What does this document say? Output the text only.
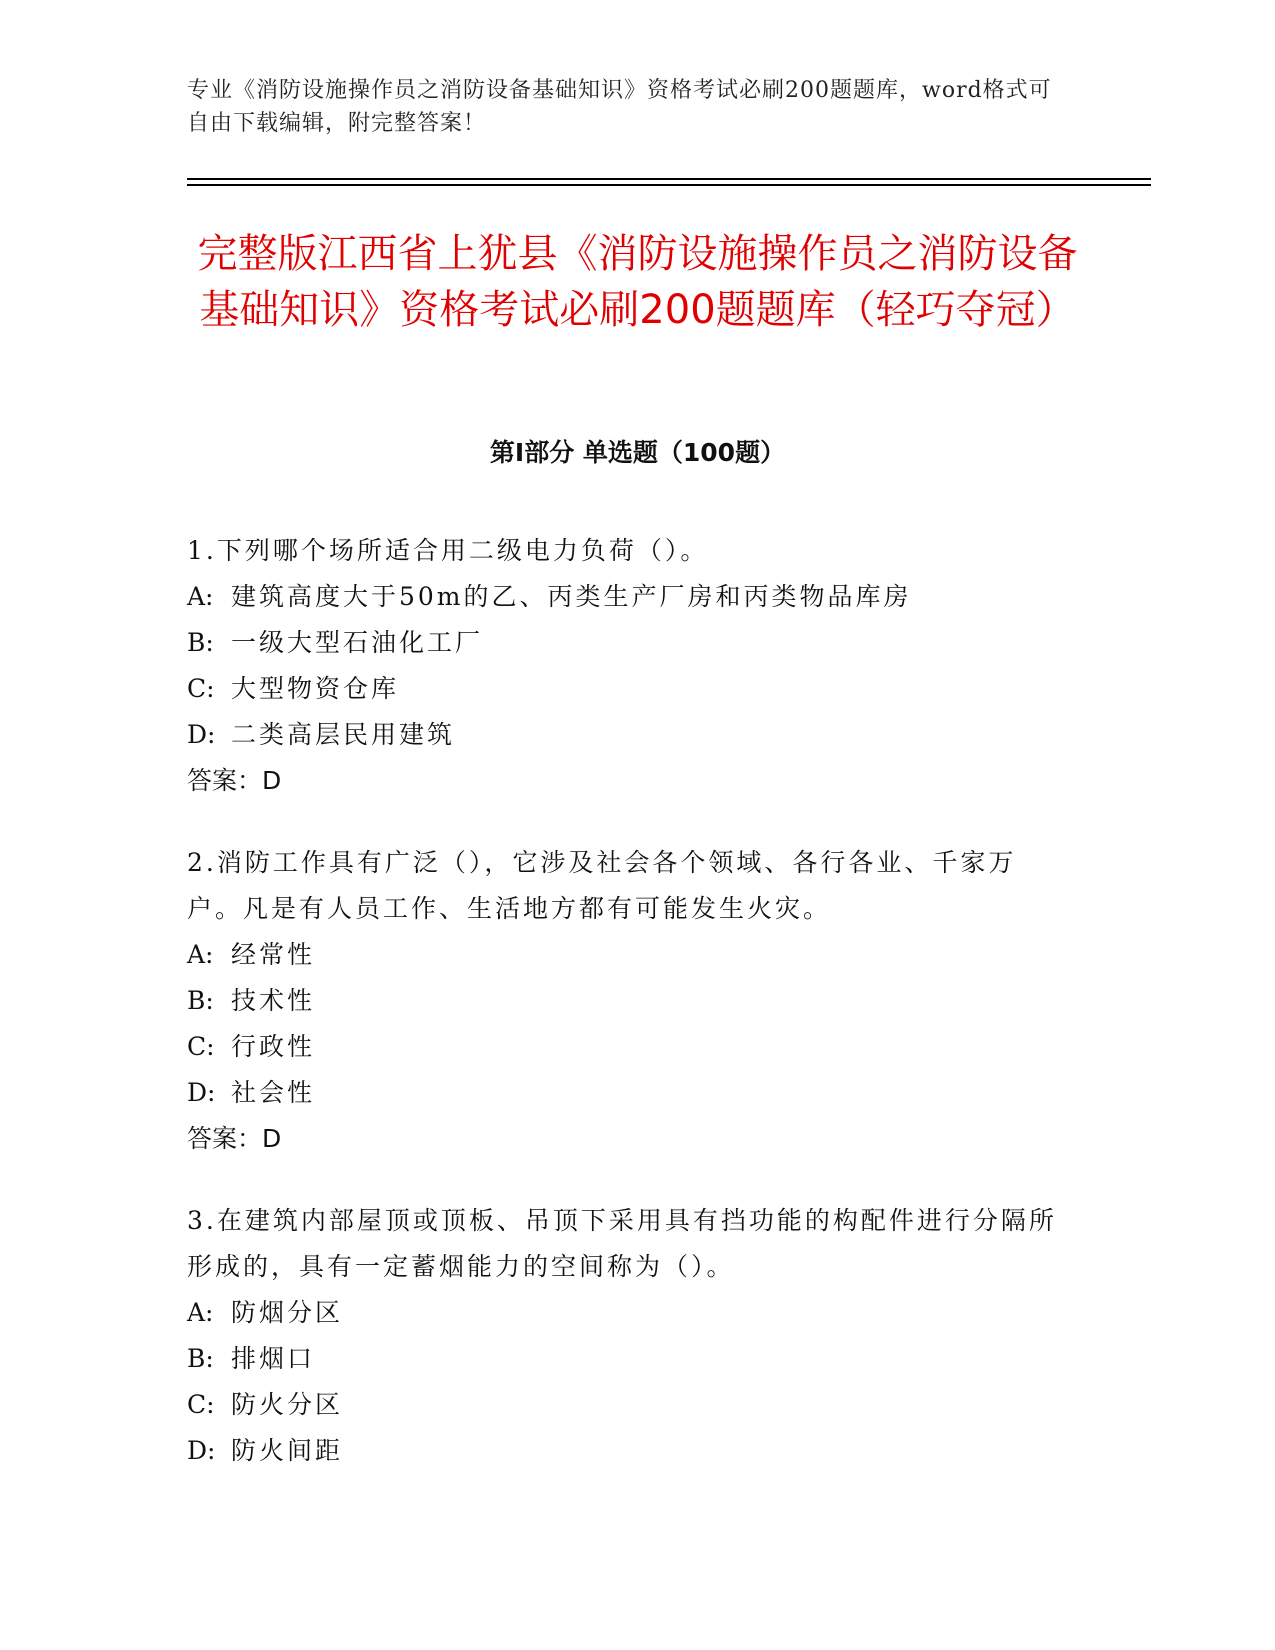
专业《消防设施操作员之消防设备基础知识》资格考试必刷200题题库，word格式可自由下载编辑，附完整答案！
完整版江西省上犹县《消防设施操作员之消防设备基础知识》资格考试必刷200题题库（轻巧夺冠）
第Ⅰ部分 单选题（100题）

1.下列哪个场所适合用二级电力负荷（）。

A: 建筑高度大于50m的乙、丙类生产厂房和丙类物品库房

B: 一级大型石油化工厂

C: 大型物资仓库

D: 二类高层民用建筑

答案：D

2.消防工作具有广泛（），它涉及社会各个领域、各行各业、千家万户。凡是有人员工作、生活地方都有可能发生火灾。

A: 经常性

B: 技术性

C: 行政性

D: 社会性

答案：D

3.在建筑内部屋顶或顶板、吊顶下采用具有挡功能的构配件进行分隔所形成的，具有一定蓄烟能力的空间称为（）。

A: 防烟分区

B: 排烟口

C: 防火分区

D: 防火间距
